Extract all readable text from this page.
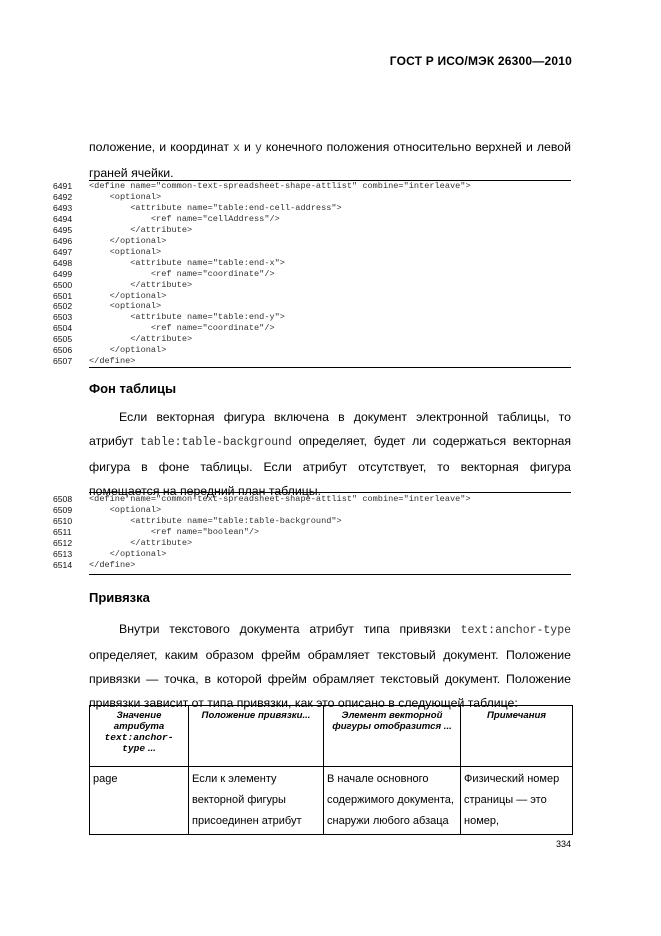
ГОСТ Р ИСО/МЭК 26300—2010
положение, и координат x и y конечного положения относительно верхней и левой граней ячейки.
6491	<define name="common-text-spreadsheet-shape-attlist" combine="interleave">
6492	<optional>
6493	<attribute name="table:end-cell-address">
6494	<ref name="cellAddress"/>
6495	</attribute>
6496	</optional>
6497	<optional>
6498	<attribute name="table:end-x">
6499	<ref name="coordinate"/>
6500	</attribute>
6501	</optional>
6502	<optional>
6503	<attribute name="table:end-y">
6504	<ref name="coordinate"/>
6505	</attribute>
6506	</optional>
6507	</define>
Фон таблицы
Если векторная фигура включена в документ электронной таблицы, то атрибут table:table-background определяет, будет ли содержаться векторная фигура в фоне таблицы. Если атрибут отсутствует, то векторная фигура помещается на передний план таблицы.
6508	<define name="common-text-spreadsheet-shape-attlist" combine="interleave">
6509	<optional>
6510	<attribute name="table:table-background">
6511	<ref name="boolean"/>
6512	</attribute>
6513	</optional>
6514	</define>
Привязка
Внутри текстового документа атрибут типа привязки text:anchor-type определяет, каким образом фрейм обрамляет текстовый документ. Положение привязки — точка, в которой фрейм обрамляет текстовый документ. Положение привязки зависит от типа привязки, как это описано в следующей таблице:
Значение атрибута
text:anchor-type ...	Положение привязки...	Элемент векторной фигуры отобразится ...	Примечания
page	Если к элементу векторной фигуры присоединен атрибут	В начале основного содержимого документа, снаружи любого абзаца	Физический номер страницы — это номер,
334
